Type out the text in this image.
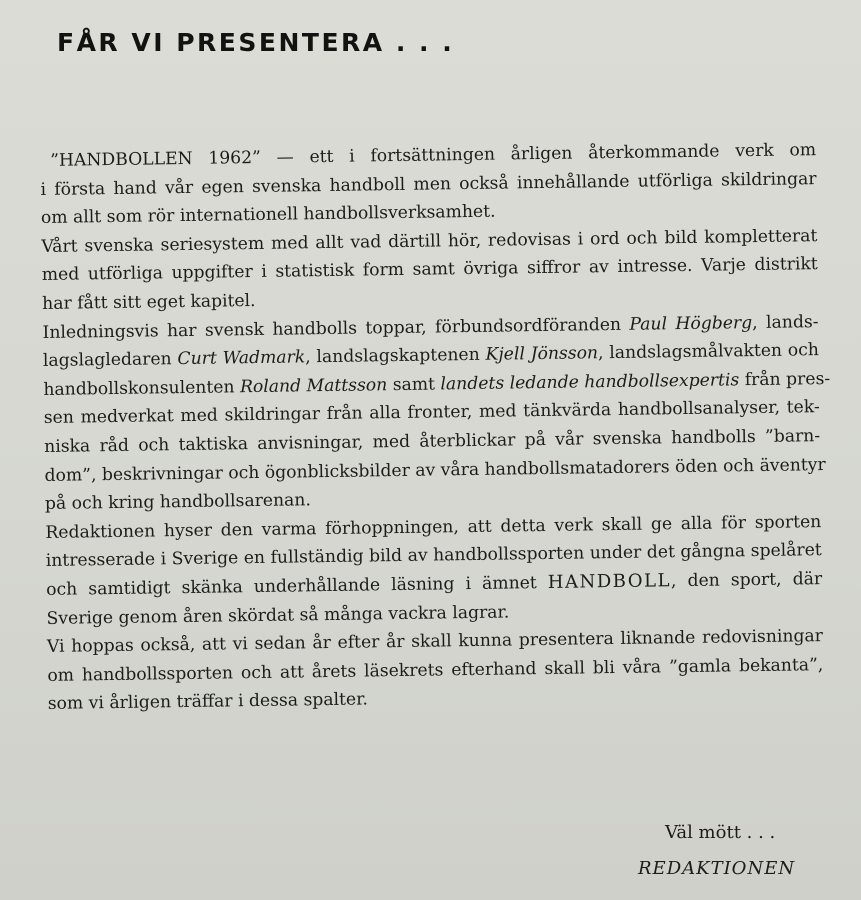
FÅR VI PRESENTERA . . .
”HANDBOLLEN 1962” — ett i fortsättningen årligen återkommande verk om
i första hand vår egen svenska handboll men också innehållande utförliga skildringar
om allt som rör internationell handbollsverksamhet.
Vårt svenska seriesystem med allt vad därtill hör, redovisas i ord och bild kompletterat
med utförliga uppgifter i statistisk form samt övriga siffror av intresse. Varje distrikt
har fått sitt eget kapitel.
Inledningsvis har svensk handbolls toppar, förbundsordföranden Paul Högberg, lands-
lagslagledaren Curt Wadmark, landslagskaptenen Kjell Jönsson, landslagsmålvakten och
handbollskonsulenten Roland Mattsson samt landets ledande handbollsexpertis från pres-
sen medverkat med skildringar från alla fronter, med tänkvärda handbollsanalyser, tek-
niska råd och taktiska anvisningar, med återblickar på vår svenska handbolls ”barn-
dom”, beskrivningar och ögonblicksbilder av våra handbollsmatadorers öden och äventyr
på och kring handbollsarenan.
Redaktionen hyser den varma förhoppningen, att detta verk skall ge alla för sporten
intresserade i Sverige en fullständig bild av handbollssporten under det gångna spelåret
och samtidigt skänka underhållande läsning i ämnet HANDBOLL, den sport, där
Sverige genom åren skördat så många vackra lagrar.
Vi hoppas också, att vi sedan år efter år skall kunna presentera liknande redovisningar
om handbollssporten och att årets läsekrets efterhand skall bli våra ”gamla bekanta”,
som vi årligen träffar i dessa spalter.
Väl mött . . .
REDAKTIONEN
